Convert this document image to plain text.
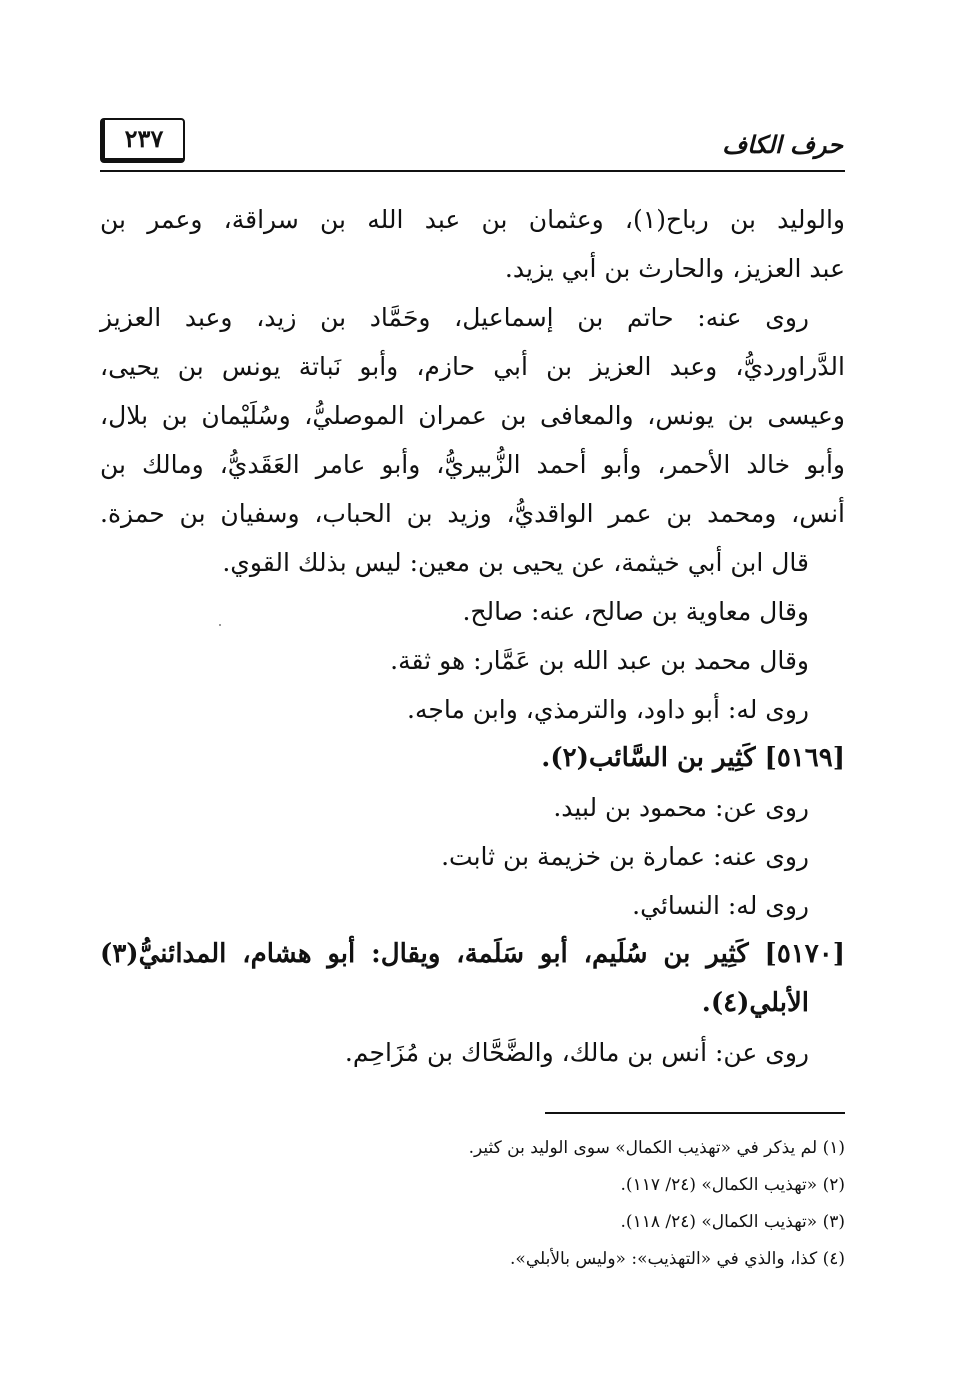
حرف الكاف
٢٣٧
والوليد بن رباح(١)، وعثمان بن عبد الله بن سراقة، وعمر بن
عبد العزيز، والحارث بن أبي يزيد.
روى عنه: حاتم بن إسماعيل، وحَمَّاد بن زيد، وعبد العزيز
الدَّراورديُّ، وعبد العزيز بن أبي حازم، وأبو نَباتة يونس بن يحيى،
وعيسى بن يونس، والمعافى بن عمران الموصليُّ، وسُلَيْمان بن بلال،
وأبو خالد الأحمر، وأبو أحمد الزُّبيريُّ، وأبو عامر العَقَديُّ، ومالك بن
أنس، ومحمد بن عمر الواقديُّ، وزيد بن الحباب، وسفيان بن حمزة.
قال ابن أبي خيثمة، عن يحيى بن معين: ليس بذلك القوي.
وقال معاوية بن صالح، عنه: صالح.
وقال محمد بن عبد الله بن عَمَّار: هو ثقة.
روى له: أبو داود، والترمذي، وابن ماجه.
[٥١٦٩] كَثِير بن السَّائب(٢).
روى عن: محمود بن لبيد.
روى عنه: عمارة بن خزيمة بن ثابت.
روى له: النسائي.
[٥١٧٠] كَثِير بن سُلَيم، أبو سَلَمة، ويقال: أبو هشام، المدائنيُّ(٣)
الأبلي(٤).
روى عن: أنس بن مالك، والضَّحَّاك بن مُزَاحِم.
(١) لم يذكر في «تهذيب الكمال» سوى الوليد بن كثير.
(٢) «تهذيب الكمال» (٢٤/ ١١٧).
(٣) «تهذيب الكمال» (٢٤/ ١١٨).
(٤) كذا، والذي في «التهذيب»: «وليس بالأبلي».
